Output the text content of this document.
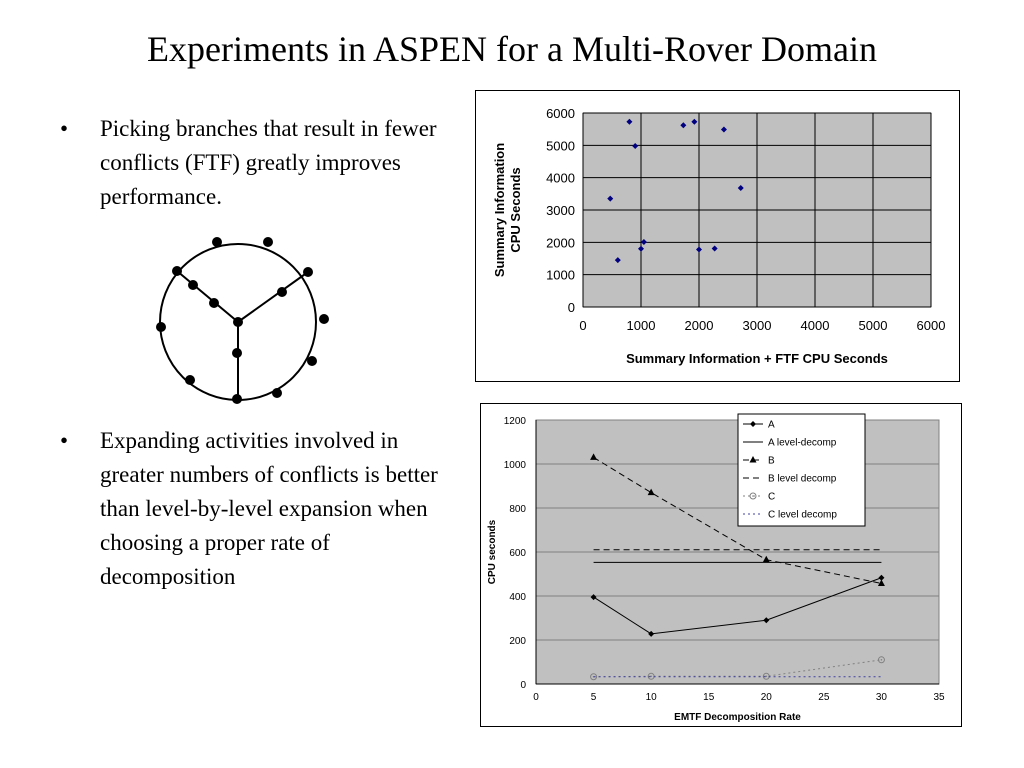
Experiments in ASPEN for a Multi-Rover Domain
• Picking branches that result in fewer conflicts (FTF) greatly improves performance.
• Expanding activities involved in greater numbers of conflicts is better than level-by-level expansion when choosing a proper rate of decomposition
0
1000
2000
3000
4000
5000
6000
0	1000 2000 3000 4000 5000 6000
Summary Information + FTF CPU Seconds
Summary Information CPU Seconds
0
200
400
600
800
1000
1200
0	5	10	15	20	25	30	35
A
A level-decomp
B
B level decomp
C
C level decomp
EMTF Decomposition Rate
CPU seconds
